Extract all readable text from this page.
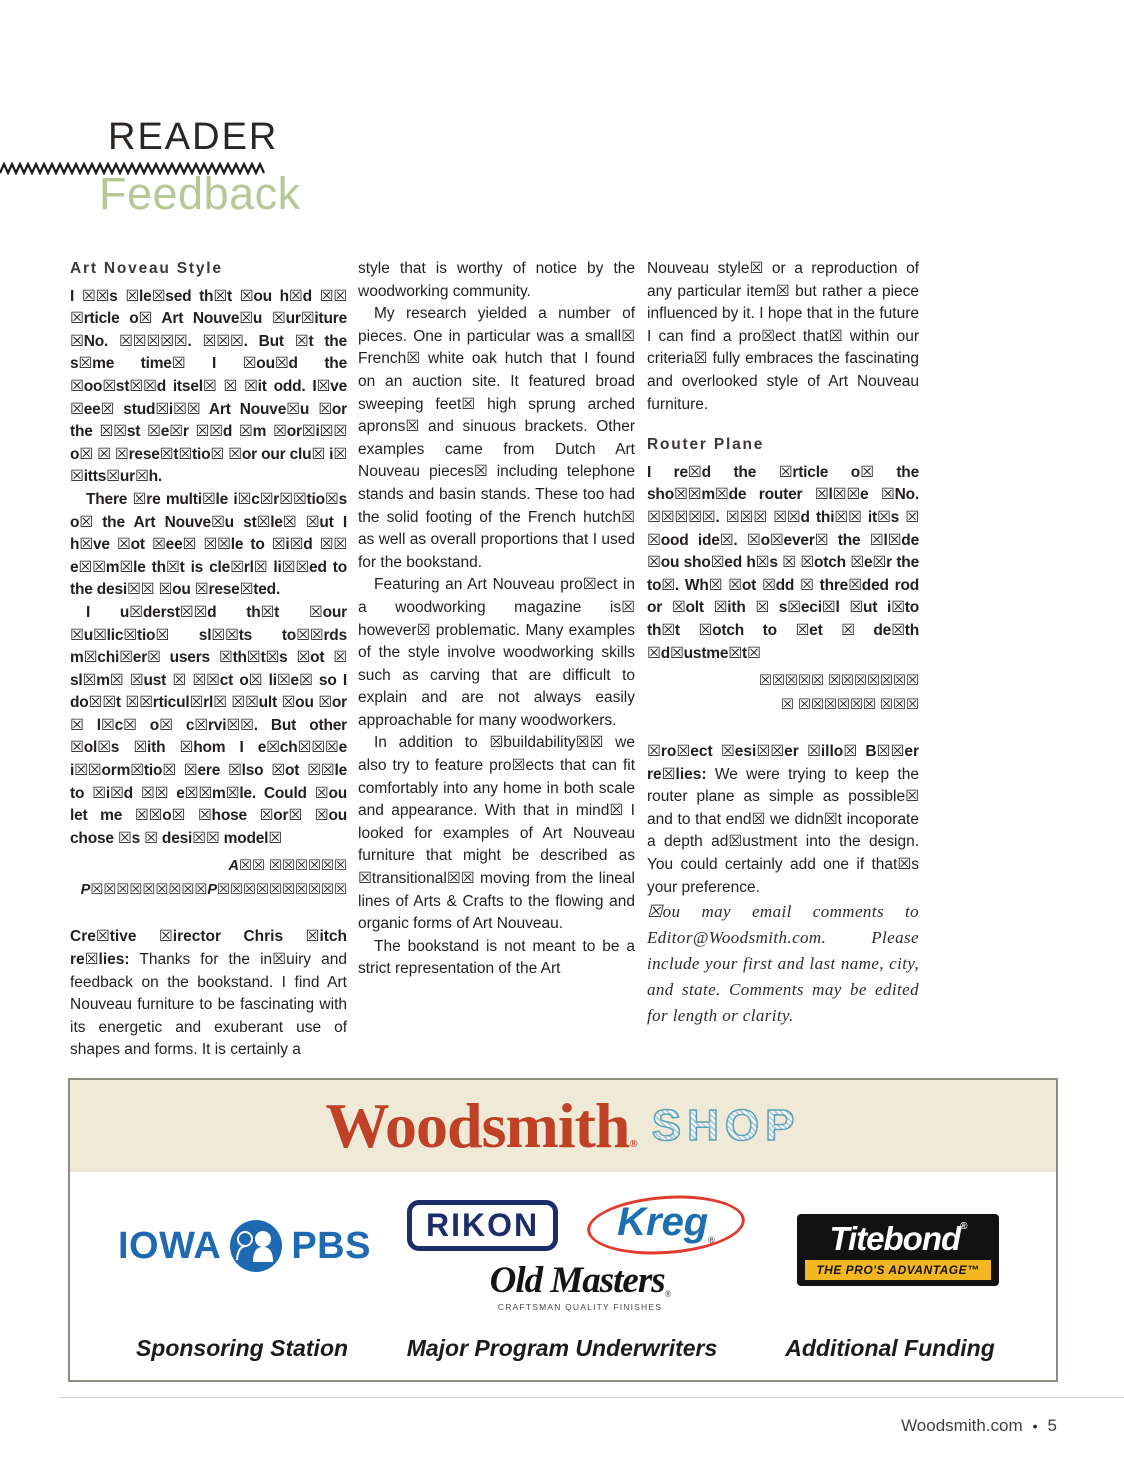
READER
Feedback
Art Noveau Style

I ☒☒s ☒le☒sed th☒t ☒ou h☒d ☒☒ ☒rticle o☒ Art Nouve☒u ☒ur☒iture ☒No. ☒☒☒☒☒. ☒☒☒. But ☒t the s☒me time☒ I ☒ou☒d the ☒oo☒st☒☒d itsel☒ ☒ ☒it odd. I☒ve ☒ee☒ stud☒i☒☒ Art Nouve☒u ☒or the ☒☒st ☒e☒r ☒☒d ☒m ☒or☒i☒☒ o☒ ☒ ☒rese☒t☒tio☒ ☒or our clu☒ i☒ ☒itts☒ur☒h.

There ☒re multi☒le i☒c☒r☒☒tio☒s o☒ the Art Nouve☒u st☒le☒ ☒ut I h☒ve ☒ot ☒ee☒ ☒☒le to ☒i☒d ☒☒ e☒☒m☒le th☒t is cle☒rl☒ li☒☒ed to the desi☒☒ ☒ou ☒rese☒ted.

I u☒derst☒☒d th☒t ☒our ☒u☒lic☒tio☒ sl☒☒ts to☒☒rds m☒chi☒er☒ users ☒th☒t☒s ☒ot ☒ sl☒m☒ ☒ust ☒ ☒☒ct o☒ li☒e☒ so I do☒☒t ☒☒rticul☒rl☒ ☒☒ult ☒ou ☒or ☒ l☒c☒ o☒ c☒rvi☒☒. But other ☒ol☒s ☒ith ☒hom I e☒ch☒☒☒e i☒☒orm☒tio☒ ☒ere ☒lso ☒ot ☒☒le to ☒i☒d ☒☒ e☒☒m☒le. Could ☒ou let me ☒☒o☒ ☒hose ☒or☒ ☒ou chose ☒s ☒ desi☒☒ model☒

A☒☒ ☒☒☒☒☒☒
P☒☒☒☒☒☒☒☒☒P☒☒☒☒☒☒☒☒☒☒

Cre☒tive ☒irector Chris ☒itch re☒lies: Thanks for the in☒uiry and feedback on the bookstand. I find Art Nouveau furniture to be fascinating with its energetic and exuberant use of shapes and forms. It is certainly a

style that is worthy of notice by the woodworking community.

My research yielded a number of pieces. One in particular was a small☒ French☒ white oak hutch that I found on an auction site. It featured broad sweeping feet☒ high sprung arched aprons☒ and sinuous brackets. Other examples came from Dutch Art Nouveau pieces☒ including telephone stands and basin stands. These too had the solid footing of the French hutch☒ as well as overall proportions that I used for the bookstand.

Featuring an Art Nouveau pro☒ect in a woodworking magazine is☒ however☒ problematic. Many examples of the style involve woodworking skills such as carving that are difficult to explain and are not always easily approachable for many woodworkers.

In addition to ☒buildability☒☒ we also try to feature pro☒ects that can fit comfortably into any home in both scale and appearance. With that in mind☒ I looked for examples of Art Nouveau furniture that might be described as ☒transitional☒☒ moving from the lineal lines of Arts & Crafts to the flowing and organic forms of Art Nouveau.

The bookstand is not meant to be a strict representation of the Art

Nouveau style☒ or a reproduction of any particular item☒ but rather a piece influenced by it. I hope that in the future I can find a pro☒ect that☒ within our criteria☒ fully embraces the fascinating and overlooked style of Art Nouveau furniture.

Router Plane

I re☒d the ☒rticle o☒ the sho☒☒m☒de router ☒l☒☒e ☒No. ☒☒☒☒☒. ☒☒☒ ☒☒d thi☒☒ it☒s ☒ ☒ood ide☒. ☒o☒ever☒ the ☒l☒de ☒ou sho☒ed h☒s ☒ ☒otch ☒e☒r the to☒. Wh☒ ☒ot ☒dd ☒ thre☒ded rod or ☒olt ☒ith ☒ s☒eci☒l ☒ut i☒to th☒t ☒otch to ☒et ☒ de☒th ☒d☒ustme☒t☒

☒☒☒☒☒ ☒☒☒☒☒☒☒
☒ ☒☒☒☒☒☒ ☒☒☒

☒ro☒ect ☒esi☒☒er ☒illo☒ B☒☒er re☒lies: We were trying to keep the router plane as simple as possible☒ and to that end☒ we didn☒t incoporate a depth ad☒ustment into the design. You could certainly add one if that☒s your preference.

☒ou may email comments to Editor@Woodsmith.com. Please include your first and last name, city, and state. Comments may be edited for length or clarity.

Woodsmith® SHOP
IOWA PBS	RIKON	Kreg®
Old Masters®
CRAFTSMAN QUALITY FINISHES
Titebond®
THE PRO'S ADVANTAGE™
Sponsoring Station	Major Program Underwriters	Additional Funding
Woodsmith.com • 5
